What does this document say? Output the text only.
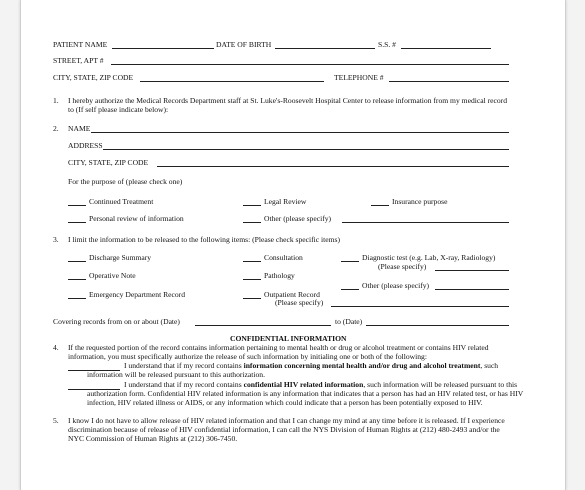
PATIENT NAME	DATE OF BIRTH	S.S. #
STREET, APT #
CITY, STATE, ZIP CODE	TELEPHONE #
1. I hereby authorize the Medical Records Department staff at St. Luke's-Roosevelt Hospital Center to release information from my medical record
to (If self please indicate below):
2. NAME
ADDRESS
CITY, STATE, ZIP CODE
For the purpose of (please check one)
Continued Treatment	Legal Review	Insurance purpose
Personal review of information	Other (please specify)
3. I limit the information to be released to the following items: (Please check specific items)
Discharge Summary	Consultation	Diagnostic test (e.g. Lab, X-ray, Radiology)
(Please specify)
Operative Note	Pathology
Other (please specify)
Emergency Department Record	Outpatient Record
(Please specify)
Covering records from on or about (Date)	to (Date)
CONFIDENTIAL INFORMATION
4. If the requested portion of the record contains information pertaining to mental health or drug or alcohol treatment or contains HIV related
information, you must specifically authorize the release of such information by initialing one or both of the following:
I understand that if my record contains information concerning mental health and/or drug and alcohol treatment, such
information will be released pursuant to this authorization.
I understand that if my record contains confidential HIV related information, such information will be released pursuant to this
authorization form. Confidential HIV related information is any information that indicates that a person has had an HIV related test, or has HIV
infection, HIV related illness or AIDS, or any information which could indicate that a person has been potentially exposed to HIV.
5. I know I do not have to allow release of HIV related information and that I can change my mind at any time before it is released. If I experience
discrimination because of release of HIV confidential information, I can call the NYS Division of Human Rights at (212) 480-2493 and/or the
NYC Commission of Human Rights at (212) 306-7450.
